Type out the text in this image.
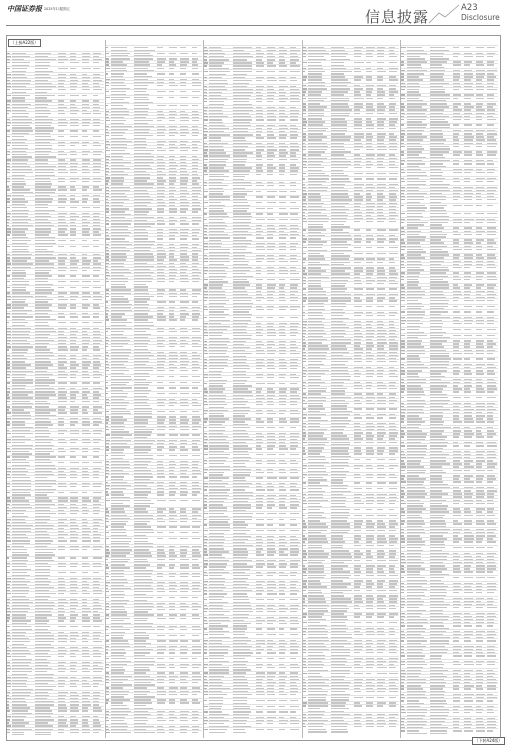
中国证券报 2025年1月
星期五	信息披露	A23
Disclosure
（上接A22版）
（下转A24版）
